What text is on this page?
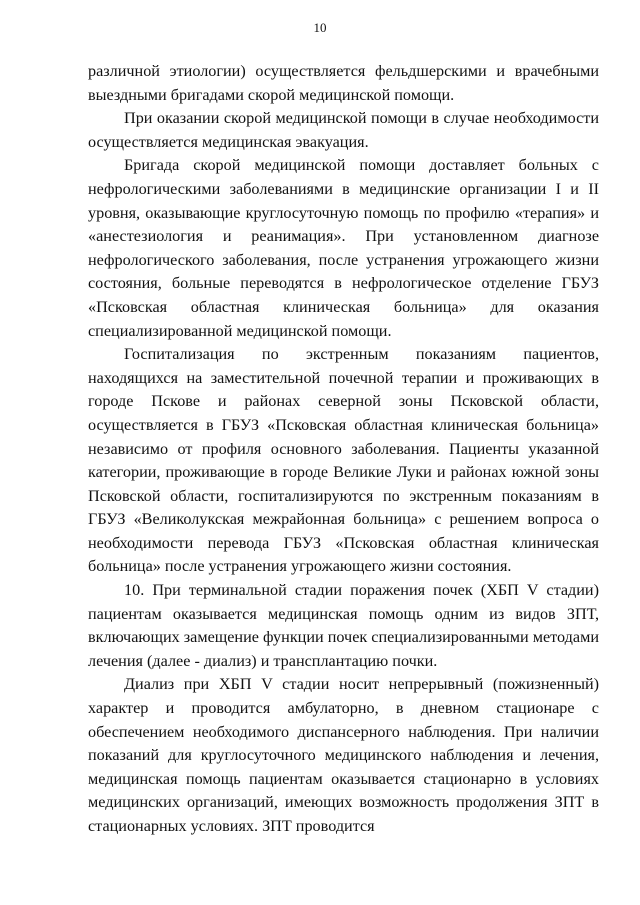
10

различной этиологии) осуществляется фельдшерскими и врачебными выездными бригадами скорой медицинской помощи.

При оказании скорой медицинской помощи в случае необходимости осуществляется медицинская эвакуация.

Бригада скорой медицинской помощи доставляет больных с нефрологическими заболеваниями в медицинские организации I и II уровня, оказывающие круглосуточную помощь по профилю «терапия» и «анестезиология и реанимация». При установленном диагнозе нефрологического заболевания, после устранения угрожающего жизни состояния, больные переводятся в нефрологическое отделение ГБУЗ «Псковская областная клиническая больница» для оказания специализированной медицинской помощи.

Госпитализация по экстренным показаниям пациентов, находящихся на заместительной почечной терапии и проживающих в городе Пскове и районах северной зоны Псковской области, осуществляется в ГБУЗ «Псковская областная клиническая больница» независимо от профиля основного заболевания. Пациенты указанной категории, проживающие в городе Великие Луки и районах южной зоны Псковской области, госпитализируются по экстренным показаниям в ГБУЗ «Великолукская межрайонная больница» с решением вопроса о необходимости перевода ГБУЗ «Псковская областная клиническая больница» после устранения угрожающего жизни состояния.

10. При терминальной стадии поражения почек (ХБП V стадии) пациентам оказывается медицинская помощь одним из видов ЗПТ, включающих замещение функции почек специализированными методами лечения (далее - диализ) и трансплантацию почки.

Диализ при ХБП V стадии носит непрерывный (пожизненный) характер и проводится амбулаторно, в дневном стационаре с обеспечением необходимого диспансерного наблюдения. При наличии показаний для круглосуточного медицинского наблюдения и лечения, медицинская помощь пациентам оказывается стационарно в условиях медицинских организаций, имеющих возможность продолжения ЗПТ в стационарных условиях. ЗПТ проводится
